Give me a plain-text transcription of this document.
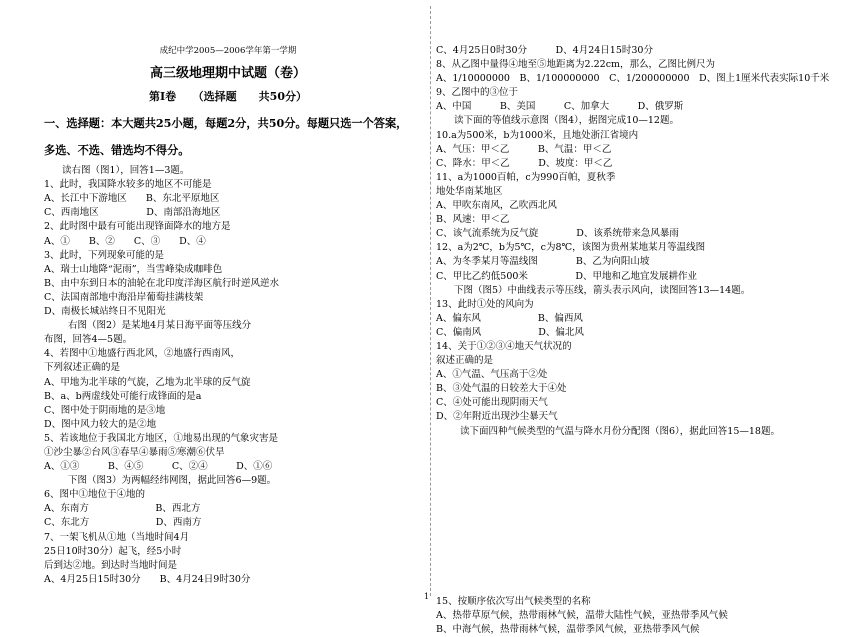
成纪中学2005—2006学年第一学期
高三级地理期中试题（卷）
第Ⅰ卷　　（选择题　　共50分）
一、选择题：本大题共25小题，每题2分，共50分。每题只选一个答案，
多选、不选、错选均不得分。
读右图（图1），回答1—3题。
1、此时，我国降水较多的地区不可能是
A、长江中下游地区　　B、东北平原地区
C、西南地区　　　　　D、南部沿海地区
2、此时图中最有可能出现锋面降水的地方是
A、①　　B、②　　C、③　　D、④
3、此时，下列现象可能的是
A、瑞士山地降“泥雨”，当雪峰染成咖啡色
B、由中东到日本的油轮在北印度洋海区航行时逆风逆水
C、法国南部地中海沿岸葡萄挂满枝架
D、南极长城站终日不见阳光
右图（图2）是某地4月某日海平面等压线分
布图，回答4—5题。
4、若图中①地盛行西北风，②地盛行西南风，
下列叙述正确的是
A、甲地为北半球的气旋，乙地为北半球的反气旋
B、a、b两虚线处可能行成锋面的是a
C、图中处于阴雨地的是③地
D、图中风力较大的是②地
5、若该地位于我国北方地区，①地易出现的气象灾害是
①沙尘暴②台风③春旱④暴雨⑤寒潮⑥伏旱
A、①③　　　B、④⑤　　　C、②④　　　D、①⑥
下图（图3）为两幅经纬网图，据此回答6—9题。
6、图中①地位于④地的
A、东南方　　　　　　　B、西北方
C、东北方　　　　　　　D、西南方
7、一架飞机从①地（当地时间4月
25日10时30分）起飞，经5小时
后到达②地。到达时当地时间是
A、4月25日15时30分　　B、4月24日9时30分
C、4月25日0时30分　　　D、4月24日15时30分
8、从乙图中量得④地至⑤地距离为2.22cm，那么，乙图比例尺为
A、1/10000000　B、1/100000000　C、1/200000000　D、图上1厘米代表实际10千米
9、乙图中的③位于
A、中国　　　B、美国　　　C、加拿大　　　D、俄罗斯
读下面的等值线示意图（图4），据图完成10—12题。
10.a为500米，b为1000米，且地处浙江省境内
A、气压：甲＜乙　　　B、气温：甲＜乙
C、降水：甲＜乙　　　D、坡度：甲＜乙
11、a为1000百帕，c为990百帕，夏秋季
地处华南某地区
A、甲吹东南风，乙吹西北风
B、风速：甲＜乙
C、该气流系统为反气旋　　　　D、该系统带来急风暴雨
12、a为2℃，b为5℃，c为8℃，该图为贵州某地某月等温线图
A、为冬季某月等温线图　　　　B、乙为向阳山坡
C、甲比乙约低500米　　　　　D、甲地和乙地宜发展耕作业
下图（图5）中曲线表示等压线，箭头表示风向，读图回答13—14题。
13、此时①处的风向为
A、偏东风　　　　　　B、偏西风
C、偏南风　　　　　　D、偏北风
14、关于①②③④地天气状况的
叙述正确的是
A、①气温、气压高于②处
B、③处气温的日较差大于④处
C、④处可能出现阴雨天气
D、②年附近出现沙尘暴天气
读下面四种气候类型的气温与降水月份分配图（图6），据此回答15—18题。
15、按顺序依次写出气候类型的名称
A、热带草原气候，热带雨林气候，温带大陆性气候，亚热带季风气候
B、中海气候，热带雨林气候，温带季风气候，亚热带季风气候
1
